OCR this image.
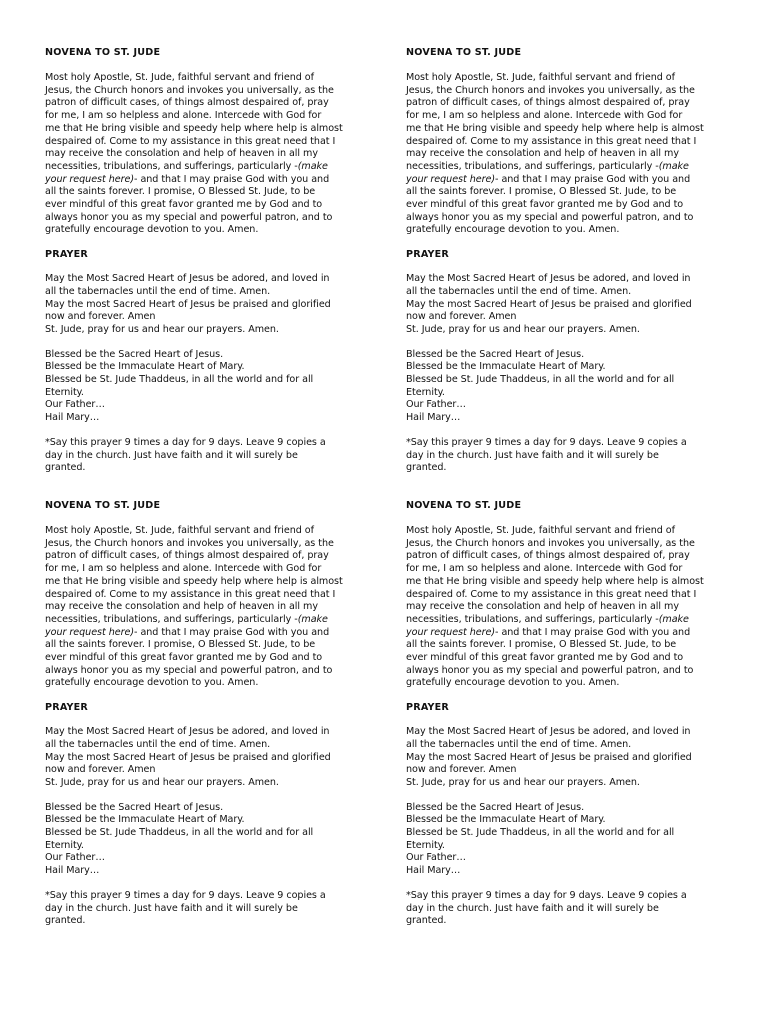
NOVENA TO ST. JUDE
Most holy Apostle, St. Jude, faithful servant and friend of
Jesus, the Church honors and invokes you universally, as the
patron of difficult cases, of things almost despaired of, pray
for me, I am so helpless and alone. Intercede with God for
me that He bring visible and speedy help where help is almost
despaired of. Come to my assistance in this great need that I
may receive the consolation and help of heaven in all my
necessities, tribulations, and sufferings, particularly -(make
your request here)- and that I may praise God with you and
all the saints forever. I promise, O Blessed St. Jude, to be
ever mindful of this great favor granted me by God and to
always honor you as my special and powerful patron, and to
gratefully encourage devotion to you. Amen.
PRAYER
May the Most Sacred Heart of Jesus be adored, and loved in
all the tabernacles until the end of time. Amen.
May the most Sacred Heart of Jesus be praised and glorified
now and forever. Amen
St. Jude, pray for us and hear our prayers. Amen.
Blessed be the Sacred Heart of Jesus.
Blessed be the Immaculate Heart of Mary.
Blessed be St. Jude Thaddeus, in all the world and for all
Eternity.
Our Father…
Hail Mary…
*Say this prayer 9 times a day for 9 days. Leave 9 copies a
day in the church. Just have faith and it will surely be
granted.
NOVENA TO ST. JUDE
Most holy Apostle, St. Jude, faithful servant and friend of
Jesus, the Church honors and invokes you universally, as the
patron of difficult cases, of things almost despaired of, pray
for me, I am so helpless and alone. Intercede with God for
me that He bring visible and speedy help where help is almost
despaired of. Come to my assistance in this great need that I
may receive the consolation and help of heaven in all my
necessities, tribulations, and sufferings, particularly -(make
your request here)- and that I may praise God with you and
all the saints forever. I promise, O Blessed St. Jude, to be
ever mindful of this great favor granted me by God and to
always honor you as my special and powerful patron, and to
gratefully encourage devotion to you. Amen.
PRAYER
May the Most Sacred Heart of Jesus be adored, and loved in
all the tabernacles until the end of time. Amen.
May the most Sacred Heart of Jesus be praised and glorified
now and forever. Amen
St. Jude, pray for us and hear our prayers. Amen.
Blessed be the Sacred Heart of Jesus.
Blessed be the Immaculate Heart of Mary.
Blessed be St. Jude Thaddeus, in all the world and for all
Eternity.
Our Father…
Hail Mary…
*Say this prayer 9 times a day for 9 days. Leave 9 copies a
day in the church. Just have faith and it will surely be
granted.
NOVENA TO ST. JUDE
Most holy Apostle, St. Jude, faithful servant and friend of
Jesus, the Church honors and invokes you universally, as the
patron of difficult cases, of things almost despaired of, pray
for me, I am so helpless and alone. Intercede with God for
me that He bring visible and speedy help where help is almost
despaired of. Come to my assistance in this great need that I
may receive the consolation and help of heaven in all my
necessities, tribulations, and sufferings, particularly -(make
your request here)- and that I may praise God with you and
all the saints forever. I promise, O Blessed St. Jude, to be
ever mindful of this great favor granted me by God and to
always honor you as my special and powerful patron, and to
gratefully encourage devotion to you. Amen.
PRAYER
May the Most Sacred Heart of Jesus be adored, and loved in
all the tabernacles until the end of time. Amen.
May the most Sacred Heart of Jesus be praised and glorified
now and forever. Amen
St. Jude, pray for us and hear our prayers. Amen.
Blessed be the Sacred Heart of Jesus.
Blessed be the Immaculate Heart of Mary.
Blessed be St. Jude Thaddeus, in all the world and for all
Eternity.
Our Father…
Hail Mary…
*Say this prayer 9 times a day for 9 days. Leave 9 copies a
day in the church. Just have faith and it will surely be
granted.
NOVENA TO ST. JUDE
Most holy Apostle, St. Jude, faithful servant and friend of
Jesus, the Church honors and invokes you universally, as the
patron of difficult cases, of things almost despaired of, pray
for me, I am so helpless and alone. Intercede with God for
me that He bring visible and speedy help where help is almost
despaired of. Come to my assistance in this great need that I
may receive the consolation and help of heaven in all my
necessities, tribulations, and sufferings, particularly -(make
your request here)- and that I may praise God with you and
all the saints forever. I promise, O Blessed St. Jude, to be
ever mindful of this great favor granted me by God and to
always honor you as my special and powerful patron, and to
gratefully encourage devotion to you. Amen.
PRAYER
May the Most Sacred Heart of Jesus be adored, and loved in
all the tabernacles until the end of time. Amen.
May the most Sacred Heart of Jesus be praised and glorified
now and forever. Amen
St. Jude, pray for us and hear our prayers. Amen.
Blessed be the Sacred Heart of Jesus.
Blessed be the Immaculate Heart of Mary.
Blessed be St. Jude Thaddeus, in all the world and for all
Eternity.
Our Father…
Hail Mary…
*Say this prayer 9 times a day for 9 days. Leave 9 copies a
day in the church. Just have faith and it will surely be
granted.
